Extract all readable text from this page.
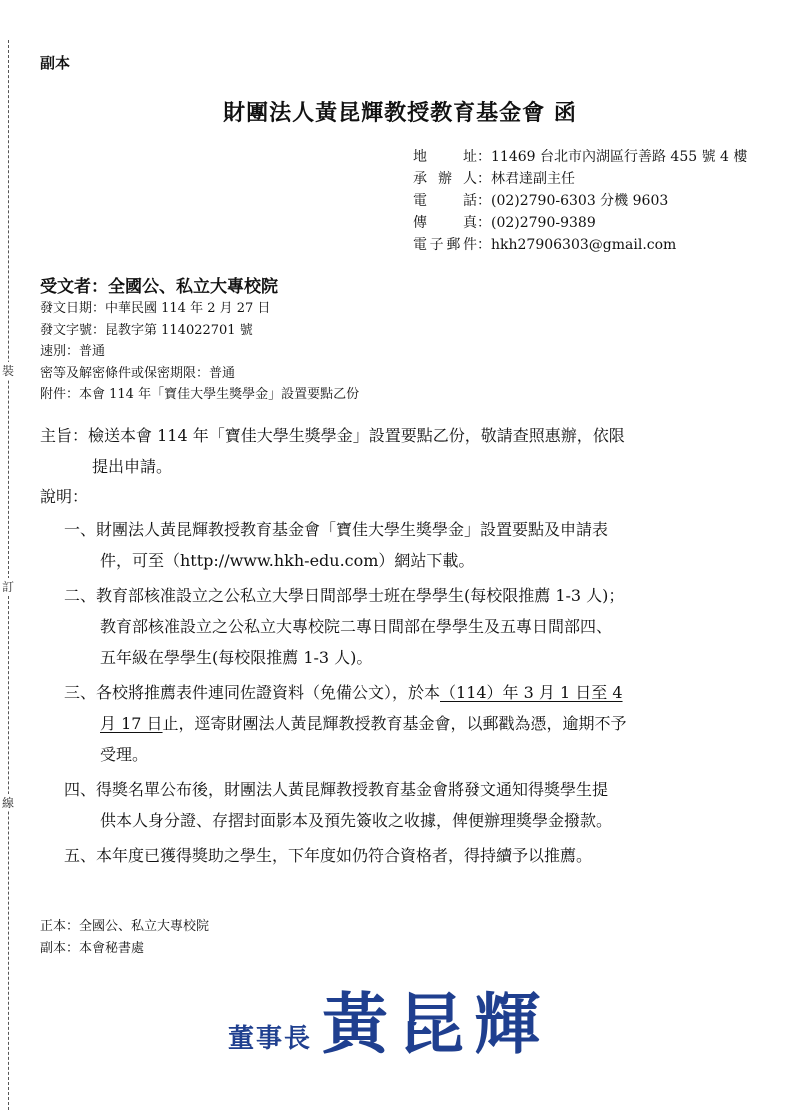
裝
訂
線
副本
財團法人黃昆輝教授教育基金會 函
地址 ： 11469 台北市內湖區行善路 455 號 4 樓
承辦人 ： 林君達副主任
電話 ： (02)2790-6303 分機 9603
傳真 ： (02)2790-9389
電子郵件 ： hkh27906303@gmail.com
受文者：全國公、私立大專校院
發文日期：中華民國 114 年 2 月 27 日
發文字號：昆教字第 114022701 號
速別：普通
密等及解密條件或保密期限：普通
附件：本會 114 年「寶佳大學生獎學金」設置要點乙份
主旨：檢送本會 114 年「寶佳大學生獎學金」設置要點乙份，敬請查照惠辦，依限
提出申請。
說明：
一、財團法人黃昆輝教授教育基金會「寶佳大學生獎學金」設置要點及申請表
件，可至（http://www.hkh-edu.com）網站下載。
二、教育部核准設立之公私立大學日間部學士班在學學生(每校限推薦 1-3 人)；
教育部核准設立之公私立大專校院二專日間部在學學生及五專日間部四、
五年級在學學生(每校限推薦 1-3 人)。
三、各校將推薦表件連同佐證資料（免備公文），於本（114）年 3 月 1 日至 4
月 17 日止，逕寄財團法人黃昆輝教授教育基金會，以郵戳為憑，逾期不予
受理。
四、得獎名單公布後，財團法人黃昆輝教授教育基金會將發文通知得獎學生提
供本人身分證、存摺封面影本及預先簽收之收據，俾便辦理獎學金撥款。
五、本年度已獲得獎助之學生，下年度如仍符合資格者，得持續予以推薦。
正本：全國公、私立大專校院
副本：本會秘書處
董事長 黃昆輝
